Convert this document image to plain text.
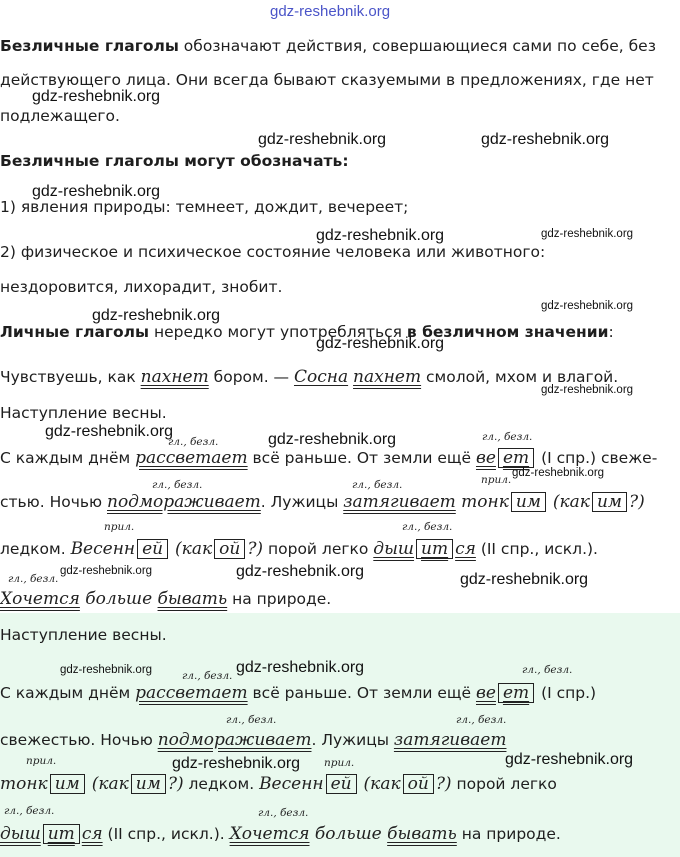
gdz-reshebnik.org
Безличные глаголы обозначают действия, совершающиеся сами по себе, без
действующего лица. Они всегда бывают сказуемыми в предложениях, где нет
подлежащего.
Безличные глаголы могут обозначать:
1) явления природы: темнеет, дождит, вечереет;
2) физическое и психическое состояние человека или животного:
нездоровится, лихорадит, знобит.
Личные глаголы нередко могут употребляться в безличном значении:
Чувствуешь, как пахнет бором. — Сосна пахнет смолой, мхом и влагой.
Наступление весны.
гл., безл.	гл., безл.
С каждым днём рассветает всё раньше. От земли ещё ве ет (I спр.) свеже-
гл., безл.	гл., безл.	прил.
стью. Ночью подмораживает. Лужицы затягивает тонк им (как им ?)
прил.	гл., безл.
ледком. Весенн ей (как ой ?) порой легко дыш ит ся (II спр., искл.).
гл., безл.
Хочется больше бывать на природе.
Наступление весны.
гл., безл.	гл., безл.
С каждым днём рассветает всё раньше. От земли ещё ве ет (I спр.)
гл., безл.	гл., безл.
свежестью. Ночью подмораживает. Лужицы затягивает
прил.	прил.
тонк им (как им ?) ледком. Весенн ей (как ой ?) порой легко
гл., безл.	гл., безл.
дыш ит ся (II спр., искл.). Хочется больше бывать на природе.
gdz-reshebnik.org
gdz-reshebnik.org	gdz-reshebnik.org
gdz-reshebnik.org
gdz-reshebnik.org	gdz-reshebnik.org
gdz-reshebnik.org
gdz-reshebnik.org
gdz-reshebnik.org
gdz-reshebnik.org
gdz-reshebnik.org	gdz-reshebnik.org
gdz-reshebnik.org
gdz-reshebnik.org	gdz-reshebnik.org	gdz-reshebnik.org
gdz-reshebnik.org	gdz-reshebnik.org
gdz-reshebnik.org	gdz-reshebnik.org
